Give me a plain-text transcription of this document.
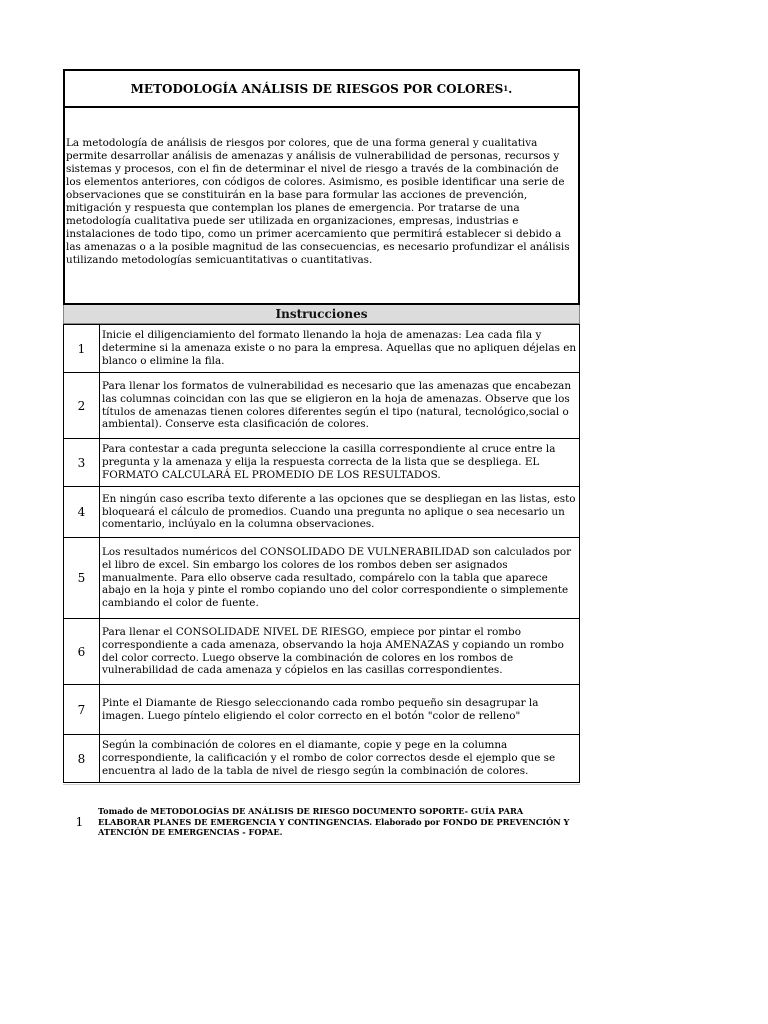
METODOLOGÍA ANÁLISIS DE RIESGOS POR COLORES 1 .
La metodología de análisis de riesgos por colores, que de una forma general y cualitativa permite desarrollar análisis de amenazas y análisis de vulnerabilidad de personas, recursos y sistemas y procesos, con el fin de determinar el nivel de riesgo a través de la combinación de los elementos anteriores, con códigos de colores. Asimismo, es posible identificar una serie de observaciones que se constituirán en la base para formular las acciones de prevención, mitigación y respuesta que contemplan los planes de emergencia. Por tratarse de una metodología cualitativa puede ser utilizada en organizaciones, empresas, industrias e instalaciones de todo tipo, como un primer acercamiento que permitirá establecer si debido a las amenazas o a la posible magnitud de las consecuencias, es necesario profundizar el análisis utilizando metodologías semicuantitativas o cuantitativas.
Instrucciones
1	Inicie el diligenciamiento del formato llenando la hoja de amenazas: Lea cada fila y determine si la amenaza existe o no para la empresa. Aquellas que no apliquen déjelas en blanco o elimine la fila.
2	Para llenar los formatos de vulnerabilidad es necesario que las amenazas que encabezan las columnas coincidan con las que se eligieron en la hoja de amenazas. Observe que los títulos de amenazas tienen colores diferentes según el tipo (natural, tecnológico,social o ambiental). Conserve esta clasificación de colores.
3	Para contestar a cada pregunta seleccione la casilla correspondiente al cruce entre la pregunta y la amenaza y elija la respuesta correcta de la lista que se despliega. EL FORMATO CALCULARÁ EL PROMEDIO DE LOS RESULTADOS.
4	En ningún caso escriba texto diferente a las opciones que se despliegan en las listas, esto bloqueará el cálculo de promedios. Cuando una pregunta no aplique o sea necesario un comentario, inclúyalo en la columna observaciones.
5	Los resultados numéricos del CONSOLIDADO DE VULNERABILIDAD son calculados por el libro de excel. Sin embargo los colores de los rombos deben ser asignados manualmente. Para ello observe cada resultado, compárelo con la tabla que aparece abajo en la hoja y pinte el rombo copiando uno del color correspondiente o simplemente cambiando el color de fuente.
6	Para llenar el CONSOLIDADE NIVEL DE RIESGO, empiece por pintar el rombo correspondiente a cada amenaza, observando la hoja AMENAZAS y copiando un rombo del color correcto. Luego observe la combinación de colores en los rombos de vulnerabilidad de cada amenaza y cópielos en las casillas correspondientes.
7	Pinte el Diamante de Riesgo seleccionando cada rombo pequeño sin desagrupar la imagen. Luego píntelo eligiendo el color correcto en el botón "color de relleno"
8	Según la combinación de colores en el diamante, copie y pege en la columna correspondiente, la calificación y el rombo de color correctos desde el ejemplo que se encuentra al lado de la tabla de nivel de riesgo según la combinación de colores.
1
Tomado de METODOLOGÍAS DE ANÁLISIS DE RIESGO DOCUMENTO SOPORTE- GUÍA PARA ELABORAR PLANES DE EMERGENCIA Y CONTINGENCIAS. Elaborado por FONDO DE PREVENCIÓN Y ATENCIÓN DE EMERGENCIAS - FOPAE.
